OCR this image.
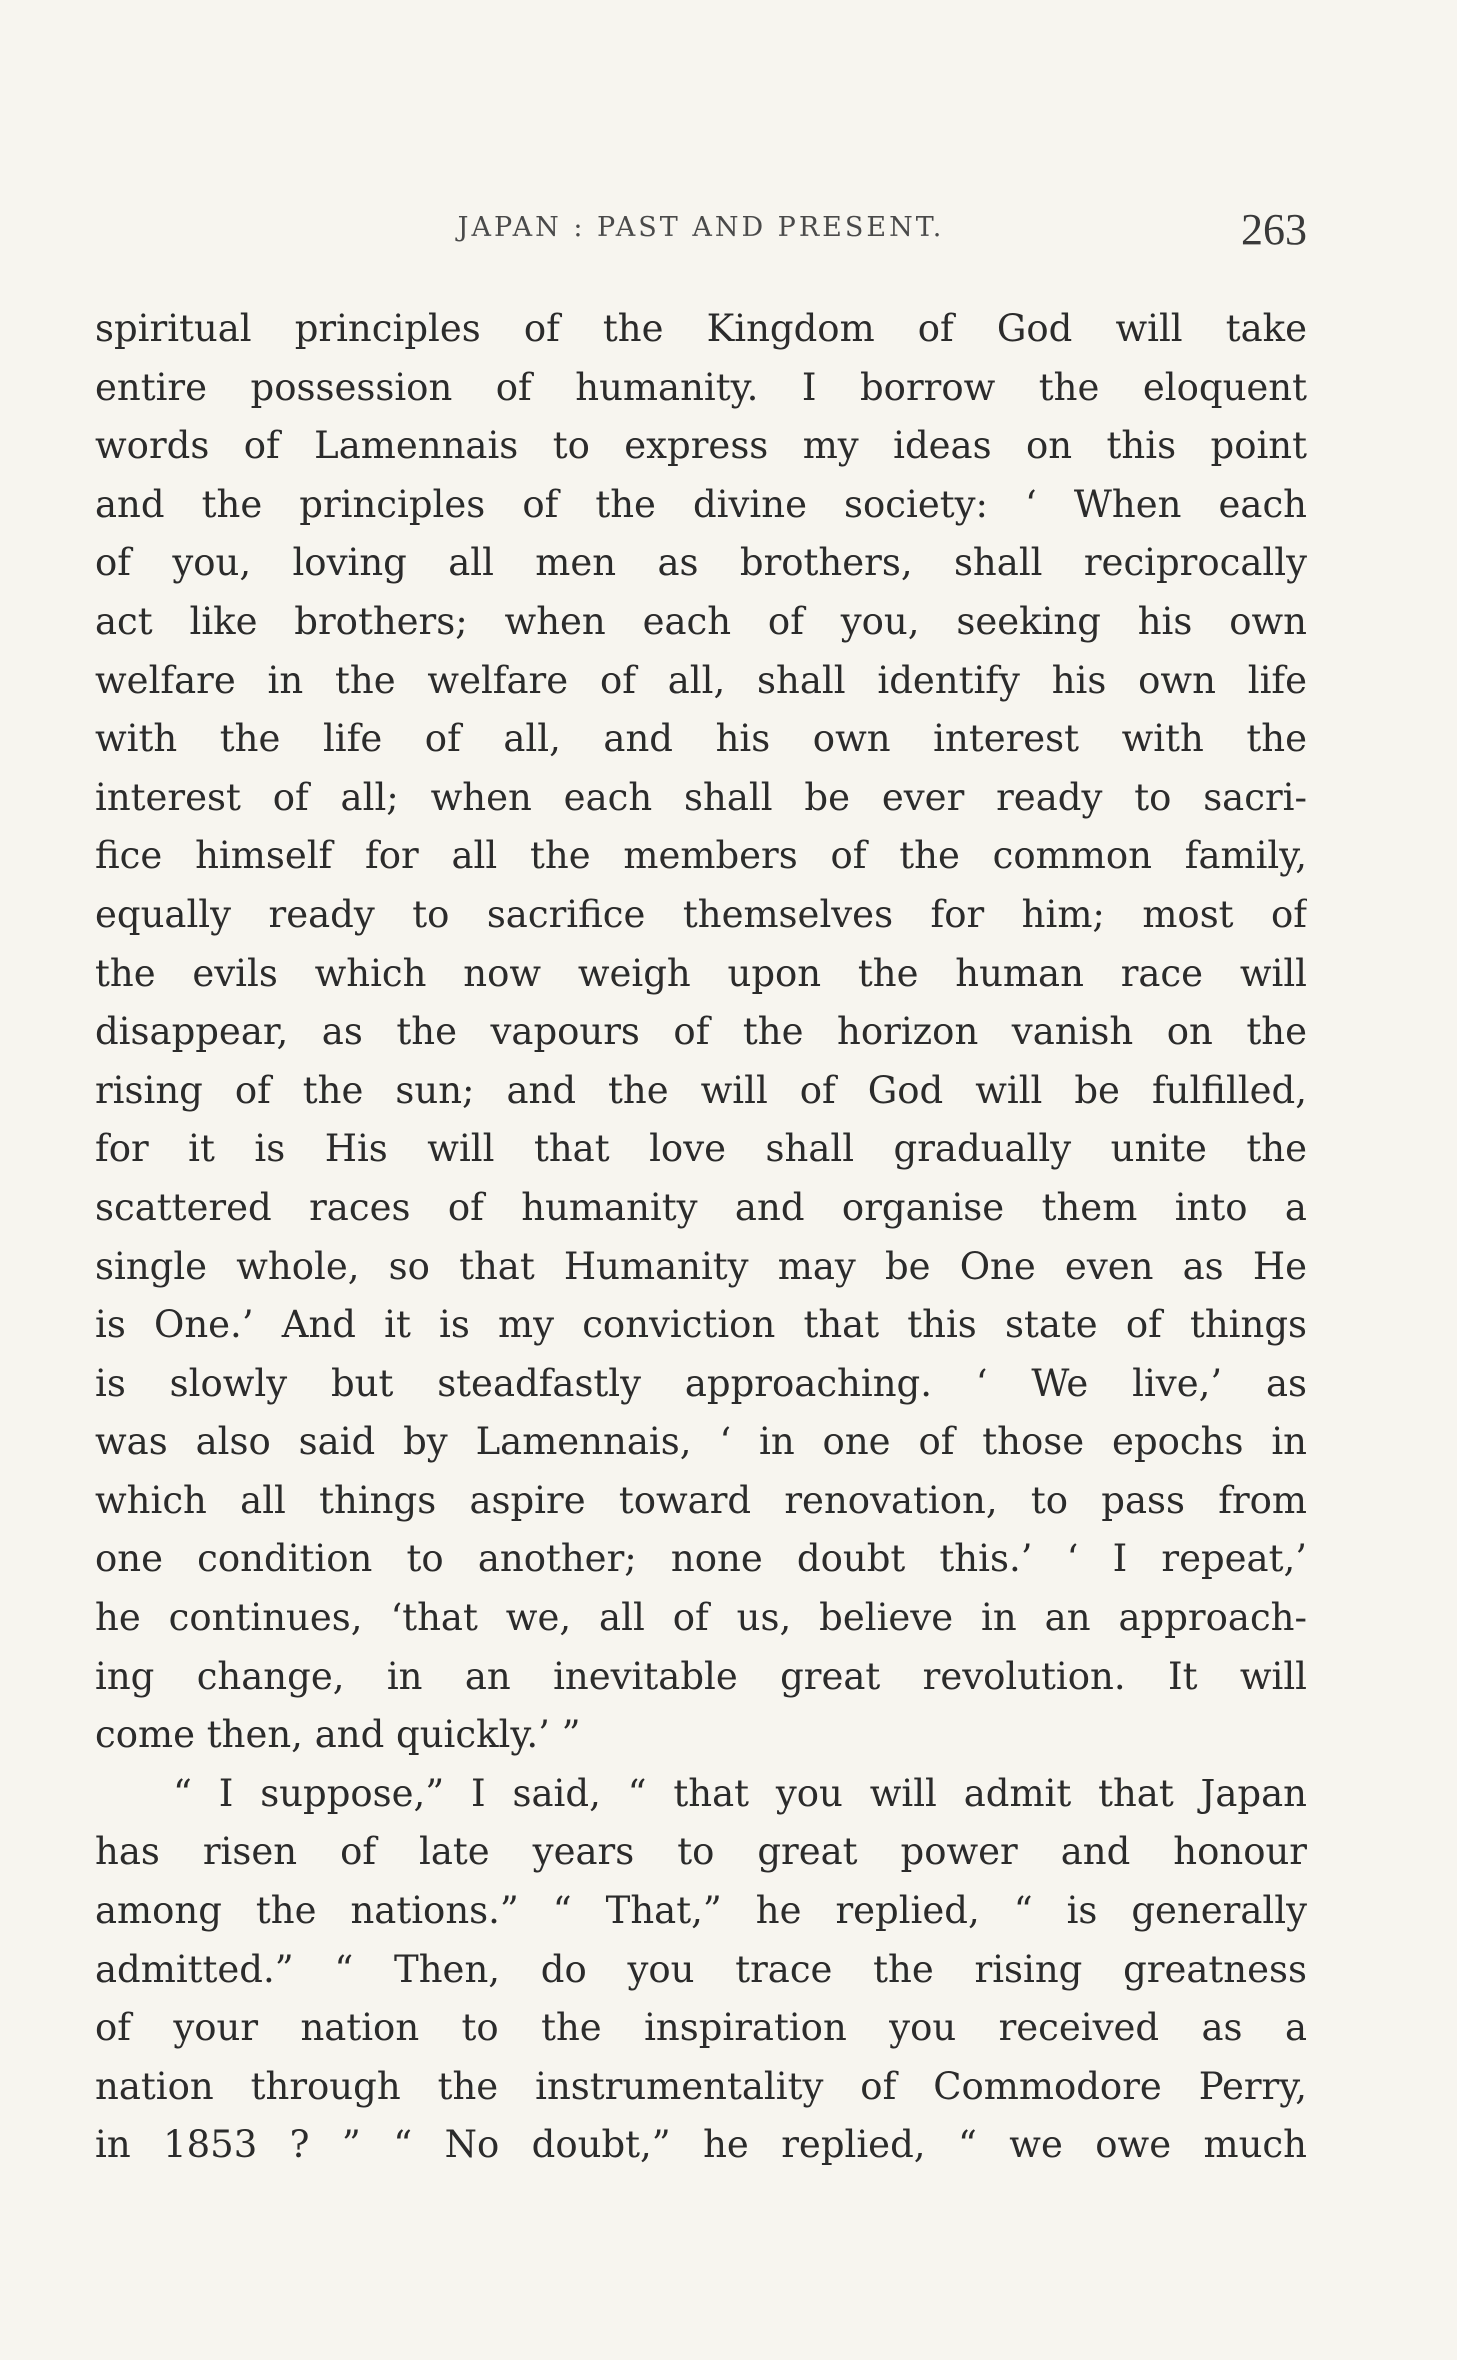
JAPAN : PAST AND PRESENT.	263
spiritual principles of the Kingdom of God will take
entire possession of humanity. I borrow the eloquent
words of Lamennais to express my ideas on this point
and the principles of the divine society: ‘ When each
of you, loving all men as brothers, shall reciprocally
act like brothers; when each of you, seeking his own
welfare in the welfare of all, shall identify his own life
with the life of all, and his own interest with the
interest of all; when each shall be ever ready to sacri-
fice himself for all the members of the common family,
equally ready to sacrifice themselves for him; most of
the evils which now weigh upon the human race will
disappear, as the vapours of the horizon vanish on the
rising of the sun; and the will of God will be fulfilled,
for it is His will that love shall gradually unite the
scattered races of humanity and organise them into a
single whole, so that Humanity may be One even as He
is One.’ And it is my conviction that this state of things
is slowly but steadfastly approaching. ‘ We live,’ as
was also said by Lamennais, ‘ in one of those epochs in
which all things aspire toward renovation, to pass from
one condition to another; none doubt this.’ ‘ I repeat,’
he continues, ‘that we, all of us, believe in an approach-
ing change, in an inevitable great revolution. It will
come then, and quickly.’ ”
“ I suppose,” I said, “ that you will admit that Japan
has risen of late years to great power and honour
among the nations.” “ That,” he replied, “ is generally
admitted.” “ Then, do you trace the rising greatness
of your nation to the inspiration you received as a
nation through the instrumentality of Commodore Perry,
in 1853 ? ” “ No doubt,” he replied, “ we owe much
